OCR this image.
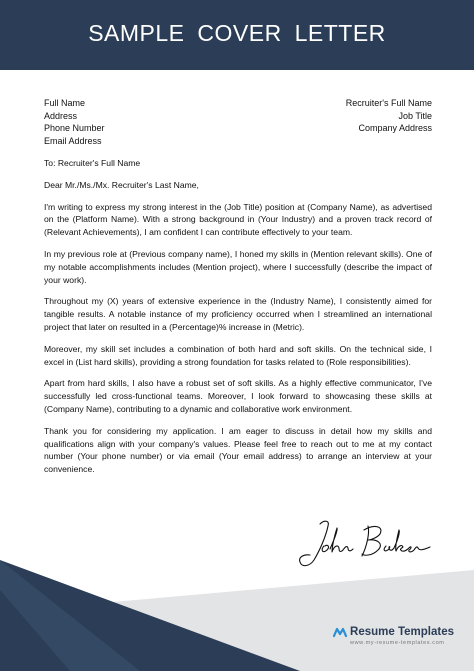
SAMPLE COVER LETTER
Full Name
Address
Phone Number
Email Address
Recruiter's Full Name
Job Title
Company Address

To: Recruiter's Full Name

Dear Mr./Ms./Mx. Recruiter's Last Name,

I'm writing to express my strong interest in the (Job Title) position at (Company Name), as advertised on the (Platform Name). With a strong background in (Your Industry) and a proven track record of (Relevant Achievements), I am confident I can contribute effectively to your team.

In my previous role at (Previous company name), I honed my skills in (Mention relevant skills). One of my notable accomplishments includes (Mention project), where I successfully (describe the impact of your work).

Throughout my (X) years of extensive experience in the (Industry Name), I consistently aimed for tangible results. A notable instance of my proficiency occurred when I streamlined an international project that later on resulted in a (Percentage)% increase in (Metric).

Moreover, my skill set includes a combination of both hard and soft skills. On the technical side, I excel in (List hard skills), providing a strong foundation for tasks related to (Role responsibilities).

Apart from hard skills, I also have a robust set of soft skills. As a highly effective communicator, I've successfully led cross-functional teams. Moreover, I look forward to showcasing these skills at (Company Name), contributing to a dynamic and collaborative work environment.

Thank you for considering my application. I am eager to discuss in detail how my skills and qualifications align with your company's values. Please feel free to reach out to me at my contact number (Your phone number) or via email (Your email address) to arrange an interview at your convenience.

Resume Templates
www.my-resume-templates.com
